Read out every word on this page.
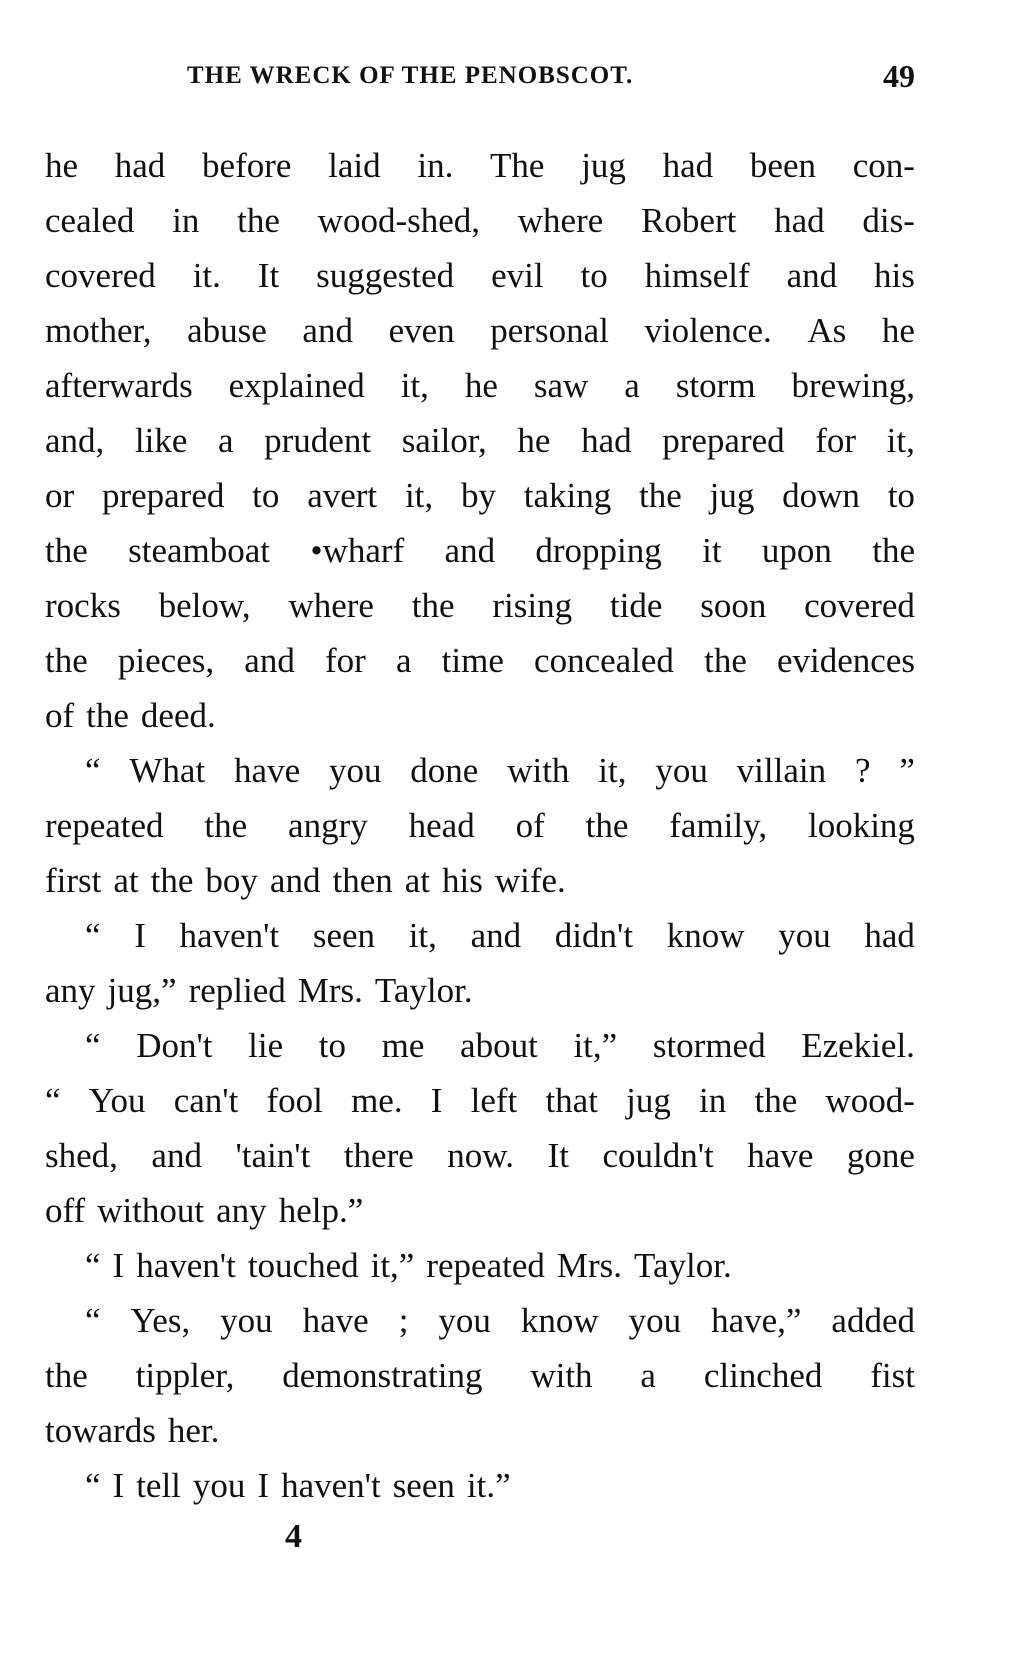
THE WRECK OF THE PENOBSCOT.	49
he had before laid in. The jug had been con-
cealed in the wood-shed, where Robert had dis-
covered it. It suggested evil to himself and his
mother, abuse and even personal violence. As he
afterwards explained it, he saw a storm brewing,
and, like a prudent sailor, he had prepared for it,
or prepared to avert it, by taking the jug down to
the steamboat •wharf and dropping it upon the
rocks below, where the rising tide soon covered
the pieces, and for a time concealed the evidences
of the deed.
“ What have you done with it, you villain ? ”
repeated the angry head of the family, looking
first at the boy and then at his wife.
“ I haven't seen it, and didn't know you had
any jug,” replied Mrs. Taylor.
“ Don't lie to me about it,” stormed Ezekiel.
“ You can't fool me. I left that jug in the wood-
shed, and 'tain't there now. It couldn't have gone
off without any help.”
“ I haven't touched it,” repeated Mrs. Taylor.
“ Yes, you have ; you know you have,” added
the tippler, demonstrating with a clinched fist
towards her.
“ I tell you I haven't seen it.”
4
